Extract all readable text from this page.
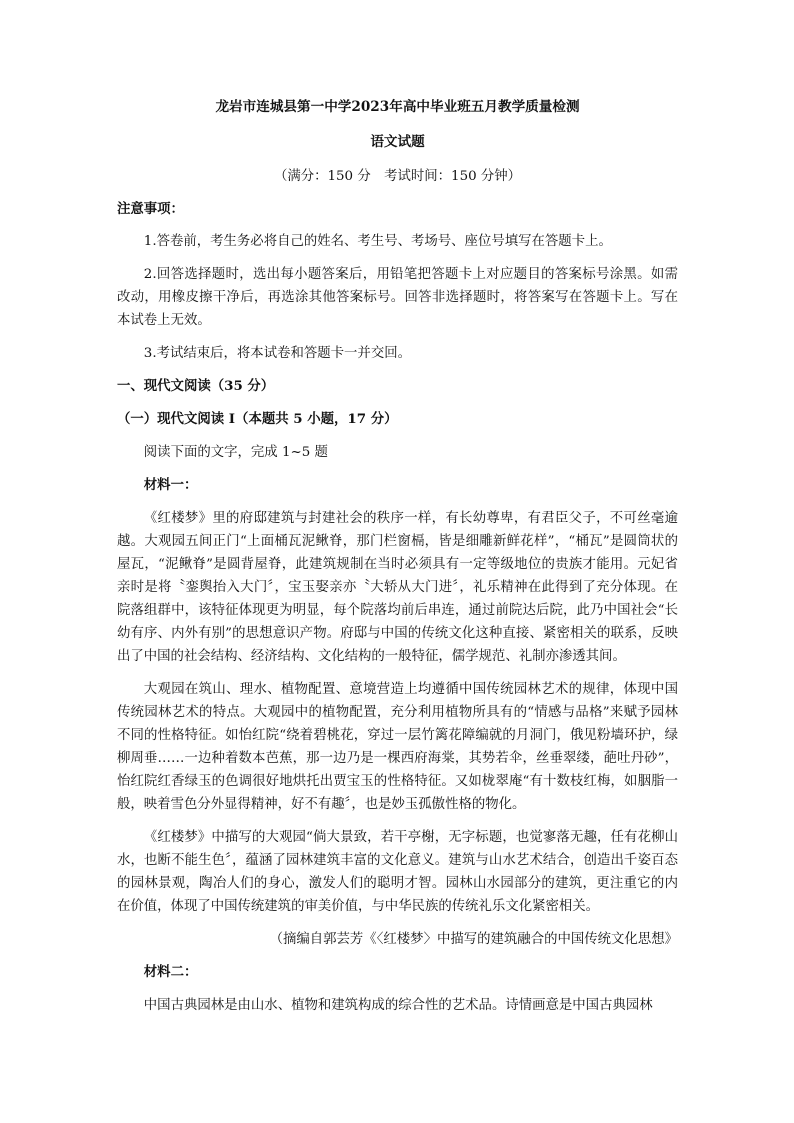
龙岩市连城县第一中学2023年高中毕业班五月教学质量检测

语文试题

（满分：150 分　考试时间：150 分钟）

注意事项：

1.答卷前，考生务必将自己的姓名、考生号、考场号、座位号填写在答题卡上。

2.回答选择题时，选出每小题答案后，用铅笔把答题卡上对应题目的答案标号涂黑。如需改动，用橡皮擦干净后，再选涂其他答案标号。回答非选择题时，将答案写在答题卡上。写在本试卷上无效。

3.考试结束后，将本试卷和答题卡一并交回。

一、现代文阅读（35 分）

（一）现代文阅读 I（本题共 5 小题，17 分）

阅读下面的文字，完成 1~5 题

材料一：

《红楼梦》里的府邸建筑与封建社会的秩序一样，有长幼尊卑，有君臣父子，不可丝毫逾越。大观园五间正门“上面桶瓦泥鳅脊，那门栏窗槅，皆是细雕新鲜花样”，“桶瓦”是圆筒状的屋瓦，“泥鳅脊”是圆背屋脊，此建筑规制在当时必须具有一定等级地位的贵族才能用。元妃省亲时是将〝銮舆抬入大门〞，宝玉娶亲亦〝大轿从大门进〞，礼乐精神在此得到了充分体现。在院落组群中，该特征体现更为明显，每个院落均前后串连，通过前院达后院，此乃中国社会“长幼有序、内外有别”的思想意识产物。府邸与中国的传统文化这种直接、紧密相关的联系，反映出了中国的社会结构、经济结构、文化结构的一般特征，儒学规范、礼制亦渗透其间。

大观园在筑山、理水、植物配置、意境营造上均遵循中国传统园林艺术的规律，体现中国传统园林艺术的特点。大观园中的植物配置，充分利用植物所具有的“情感与品格”来赋予园林不同的性格特征。如怡红院“绕着碧桃花，穿过一层竹篱花障编就的月洞门，俄见粉墙环护，绿柳周垂……一边种着数本芭蕉，那一边乃是一棵西府海棠，其势若伞，丝垂翠缕，葩吐丹砂”，怡红院红香绿玉的色调很好地烘托出贾宝玉的性格特征。又如栊翠庵“有十数枝红梅，如胭脂一般，映着雪色分外显得精神，好不有趣〞，也是妙玉孤傲性格的物化。

《红楼梦》中描写的大观园“倘大景致，若干亭榭，无字标题，也觉寥落无趣，任有花柳山水，也断不能生色〞，蕴涵了园林建筑丰富的文化意义。建筑与山水艺术结合，创造出千姿百态的园林景观，陶冶人们的身心，激发人们的聪明才智。园林山水园部分的建筑，更注重它的内在价值，体现了中国传统建筑的审美价值，与中华民族的传统礼乐文化紧密相关。

（摘编自郭芸芳《〈红楼梦〉中描写的建筑融合的中国传统文化思想》

材料二：

中国古典园林是由山水、植物和建筑构成的综合性的艺术品。诗情画意是中国古典园林
